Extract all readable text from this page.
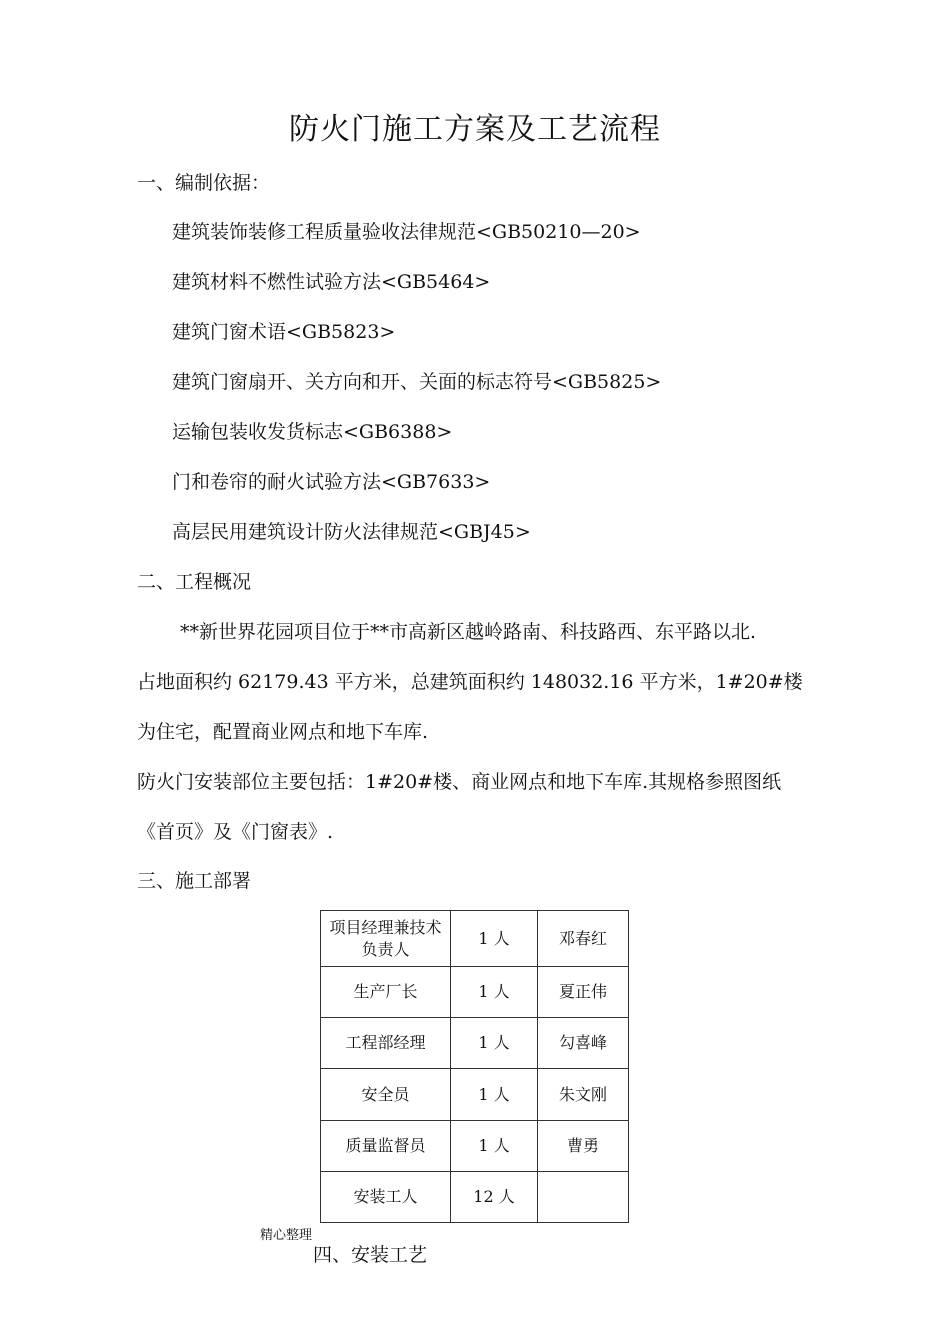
防火门施工方案及工艺流程
一、编制依据：
建筑装饰装修工程质量验收法律规范<GB50210—20>
建筑材料不燃性试验方法<GB5464>
建筑门窗术语<GB5823>
建筑门窗扇开、关方向和开、关面的标志符号<GB5825>
运输包装收发货标志<GB6388>
门和卷帘的耐火试验方法<GB7633>
高层民用建筑设计防火法律规范<GBJ45>
二、工程概况
**新世界花园项目位于**市高新区越岭路南、科技路西、东平路以北.
占地面积约 62179.43 平方米，总建筑面积约 148032.16 平方米，1#20#楼
为住宅，配置商业网点和地下车库.
防火门安装部位主要包括：1#20#楼、商业网点和地下车库.其规格参照图纸
《首页》及《门窗表》.
三、施工部署
项目经理兼技术负责人	1 人	邓春红
生产厂长	1 人	夏正伟
工程部经理	1 人	勾喜峰
安全员	1 人	朱文刚
质量监督员	1 人	曹勇
安装工人	12 人	
精心整理
四、安装工艺
